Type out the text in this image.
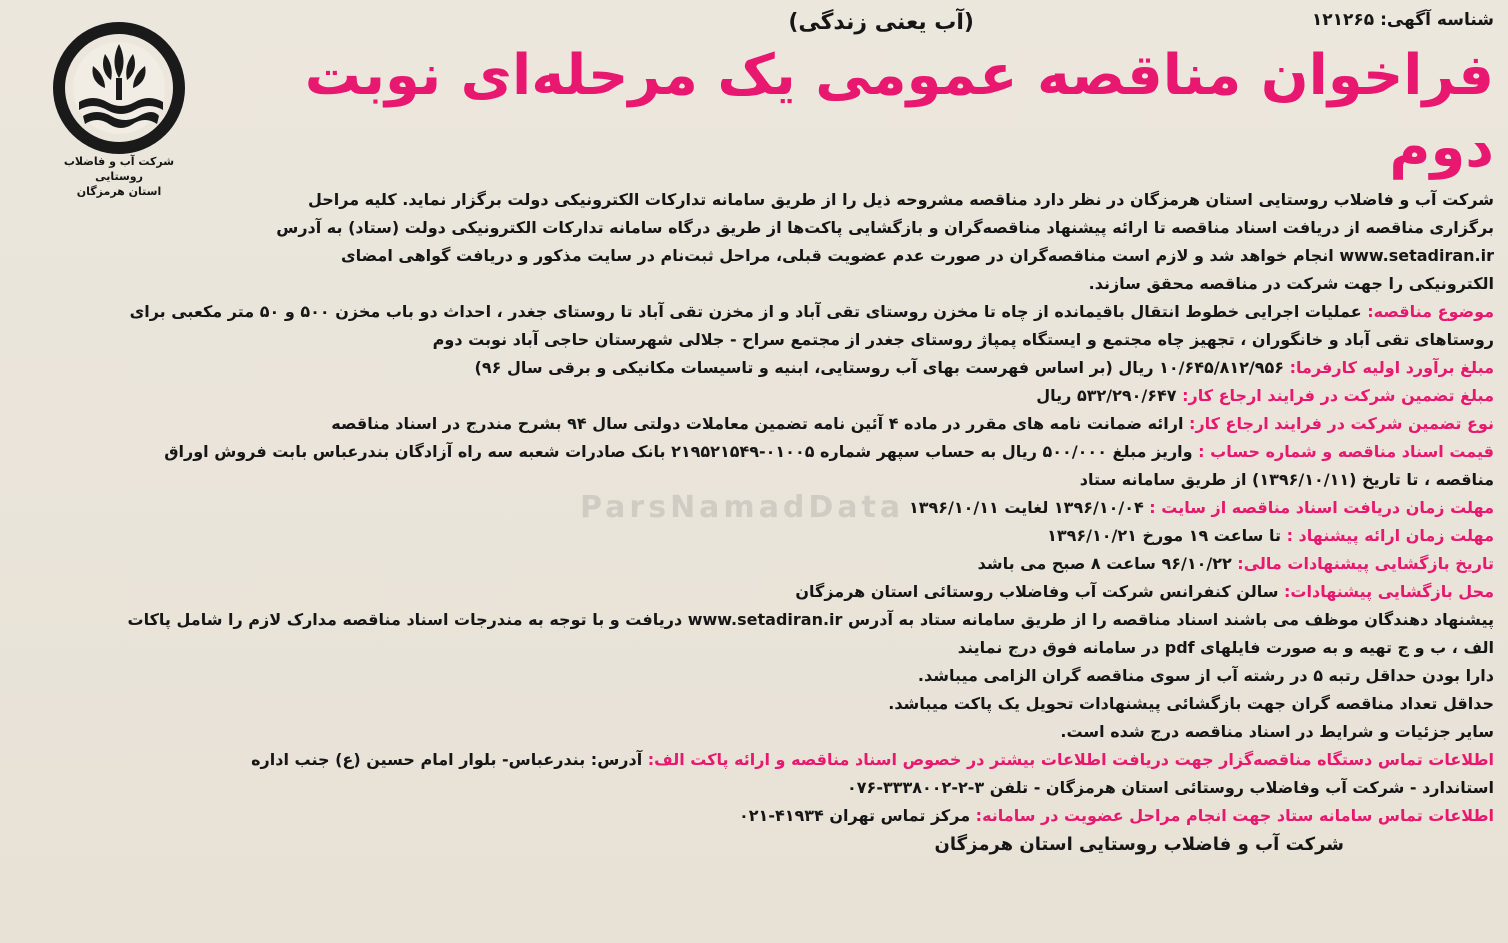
شرکت آب و فاضلاب روستایی
استان هرمزگان
شناسه آگهی: ۱۲۱۲۶۵
(آب یعنی زندگی)
فراخوان مناقصه عمومی یک مرحله‌ای نوبت دوم
شرکت آب و فاضلاب روستایی استان هرمزگان در نظر دارد مناقصه مشروحه ذیل را از طریق سامانه تدارکات الکترونیکی دولت برگزار نماید. کلیه مراحل
برگزاری مناقصه از دریافت اسناد مناقصه تا ارائه پیشنهاد مناقصه‌گران و بازگشایی پاکت‌ها از طریق درگاه سامانه تدارکات الکترونیکی دولت (ستاد) به آدرس
www.setadiran.ir انجام خواهد شد و لازم است مناقصه‌گران در صورت عدم عضویت قبلی، مراحل ثبت‌نام در سایت مذکور و دریافت گواهی امضای
الکترونیکی را جهت شرکت در مناقصه محقق سازند.
موضوع مناقصه: عملیات اجرایی خطوط انتقال باقیمانده از چاه تا مخزن روستای تقی آباد و از مخزن تقی آباد تا روستای جغدر ، احداث دو باب مخزن ۵۰۰ و ۵۰ متر مکعبی برای
روستاهای تقی آباد و خانگوران ، تجهیز چاه مجتمع و ایستگاه پمپاژ روستای جغدر از مجتمع سراح - جلالی شهرستان حاجی آباد نوبت دوم
مبلغ برآورد اولیه کارفرما: ۱۰/۶۴۵/۸۱۲/۹۵۶ ریال (بر اساس فهرست بهای آب روستایی، ابنیه و تاسیسات مکانیکی و برقی سال ۹۶)
مبلغ تضمین شرکت در فرایند ارجاع کار: ۵۳۲/۲۹۰/۶۴۷ ریال
نوع تضمین شرکت در فرایند ارجاع کار: ارائه ضمانت نامه های مقرر در ماده ۴ آئین نامه تضمین معاملات دولتی سال ۹۴ بشرح مندرج در اسناد مناقصه
قیمت اسناد مناقصه و شماره حساب : واریز مبلغ ۵۰۰/۰۰۰ ریال به حساب سپهر شماره ۰۱۰۰۵-۲۱۹۵۲۱۵۴۹ بانک صادرات شعبه سه راه آزادگان بندرعباس بابت فروش اوراق
مناقصه ، تا تاریخ (۱۳۹۶/۱۰/۱۱) از طریق سامانه ستاد
مهلت زمان دریافت اسناد مناقصه از سایت : ۱۳۹۶/۱۰/۰۴ لغایت ۱۳۹۶/۱۰/۱۱
مهلت زمان ارائه پیشنهاد : تا ساعت ۱۹ مورخ ۱۳۹۶/۱۰/۲۱
تاریخ بازگشایی پیشنهادات مالی: ۹۶/۱۰/۲۲ ساعت ۸ صبح می باشد
محل بازگشایی پیشنهادات: سالن کنفرانس شرکت آب وفاضلاب روستائی استان هرمزگان
پیشنهاد دهندگان موظف می باشند اسناد مناقصه را از طریق سامانه ستاد به آدرس www.setadiran.ir دریافت و با توجه به مندرجات اسناد مناقصه مدارک لازم را شامل پاکات
الف ، ب و ج تهیه و به صورت فایلهای pdf در سامانه فوق درج نمایند
دارا بودن حداقل رتبه ۵ در رشته آب از سوی مناقصه گران الزامی میباشد.
حداقل تعداد مناقصه گران جهت بازگشائی پیشنهادات تحویل یک پاکت میباشد.
سایر جزئیات و شرایط در اسناد مناقصه درج شده است.
اطلاعات تماس دستگاه مناقصه‌گزار جهت دریافت اطلاعات بیشتر در خصوص اسناد مناقصه و ارائه پاکت الف: آدرس: بندرعباس- بلوار امام حسین (ع) جنب اداره
استاندارد - شرکت آب وفاضلاب روستائی استان هرمزگان - تلفن ۳-۲-۳۳۳۸۰۰۲-۰۷۶
اطلاعات تماس سامانه ستاد جهت انجام مراحل عضویت در سامانه: مرکز تماس تهران ۴۱۹۳۴-۰۲۱
شرکت آب و فاضلاب روستایی استان هرمزگان
ParsNamadData
